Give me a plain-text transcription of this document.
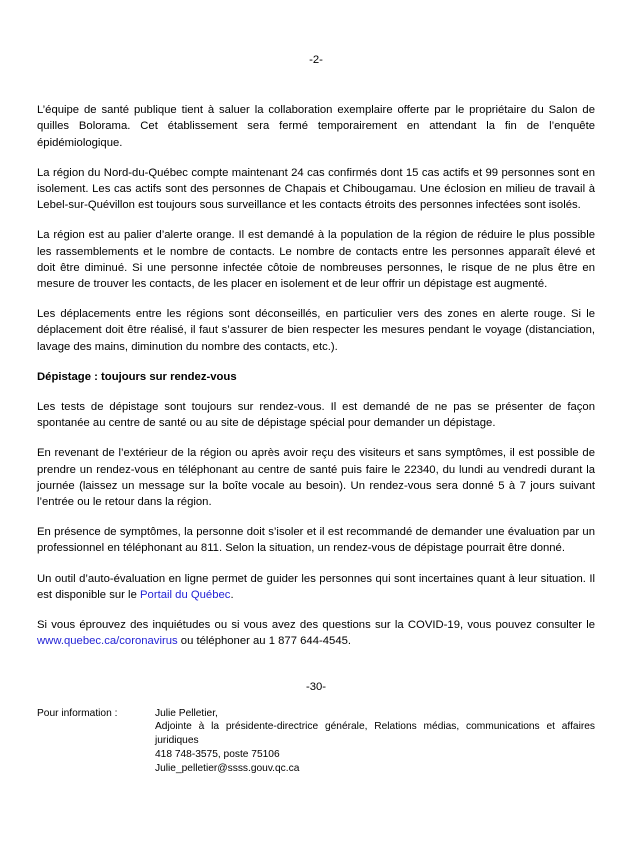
-2-

L’équipe de santé publique tient à saluer la collaboration exemplaire offerte par le propriétaire du Salon de quilles Bolorama. Cet établissement sera fermé temporairement en attendant la fin de l’enquête épidémiologique.

La région du Nord-du-Québec compte maintenant 24 cas confirmés dont 15 cas actifs et 99 personnes sont en isolement. Les cas actifs sont des personnes de Chapais et Chibougamau. Une éclosion en milieu de travail à Lebel-sur-Quévillon est toujours sous surveillance et les contacts étroits des personnes infectées sont isolés.

La région est au palier d’alerte orange. Il est demandé à la population de la région de réduire le plus possible les rassemblements et le nombre de contacts. Le nombre de contacts entre les personnes apparaît élevé et doit être diminué. Si une personne infectée côtoie de nombreuses personnes, le risque de ne plus être en mesure de trouver les contacts, de les placer en isolement et de leur offrir un dépistage est augmenté.

Les déplacements entre les régions sont déconseillés, en particulier vers des zones en alerte rouge. Si le déplacement doit être réalisé, il faut s’assurer de bien respecter les mesures pendant le voyage (distanciation, lavage des mains, diminution du nombre des contacts, etc.).

Dépistage : toujours sur rendez-vous

Les tests de dépistage sont toujours sur rendez-vous. Il est demandé de ne pas se présenter de façon spontanée au centre de santé ou au site de dépistage spécial pour demander un dépistage.

En revenant de l’extérieur de la région ou après avoir reçu des visiteurs et sans symptômes, il est possible de prendre un rendez-vous en téléphonant au centre de santé puis faire le 22340, du lundi au vendredi durant la journée (laissez un message sur la boîte vocale au besoin). Un rendez-vous sera donné 5 à 7 jours suivant l’entrée ou le retour dans la région.

En présence de symptômes, la personne doit s’isoler et il est recommandé de demander une évaluation par un professionnel en téléphonant au 811. Selon la situation, un rendez-vous de dépistage pourrait être donné.

Un outil d’auto-évaluation en ligne permet de guider les personnes qui sont incertaines quant à leur situation. Il est disponible sur le Portail du Québec.

Si vous éprouvez des inquiétudes ou si vous avez des questions sur la COVID-19, vous pouvez consulter le www.quebec.ca/coronavirus ou téléphoner au 1 877 644-4545.

-30-
Pour information :	Julie Pelletier,
Adjointe à la présidente-directrice générale, Relations médias, communications et affaires juridiques
418 748-3575, poste 75106
Julie_pelletier@ssss.gouv.qc.ca
